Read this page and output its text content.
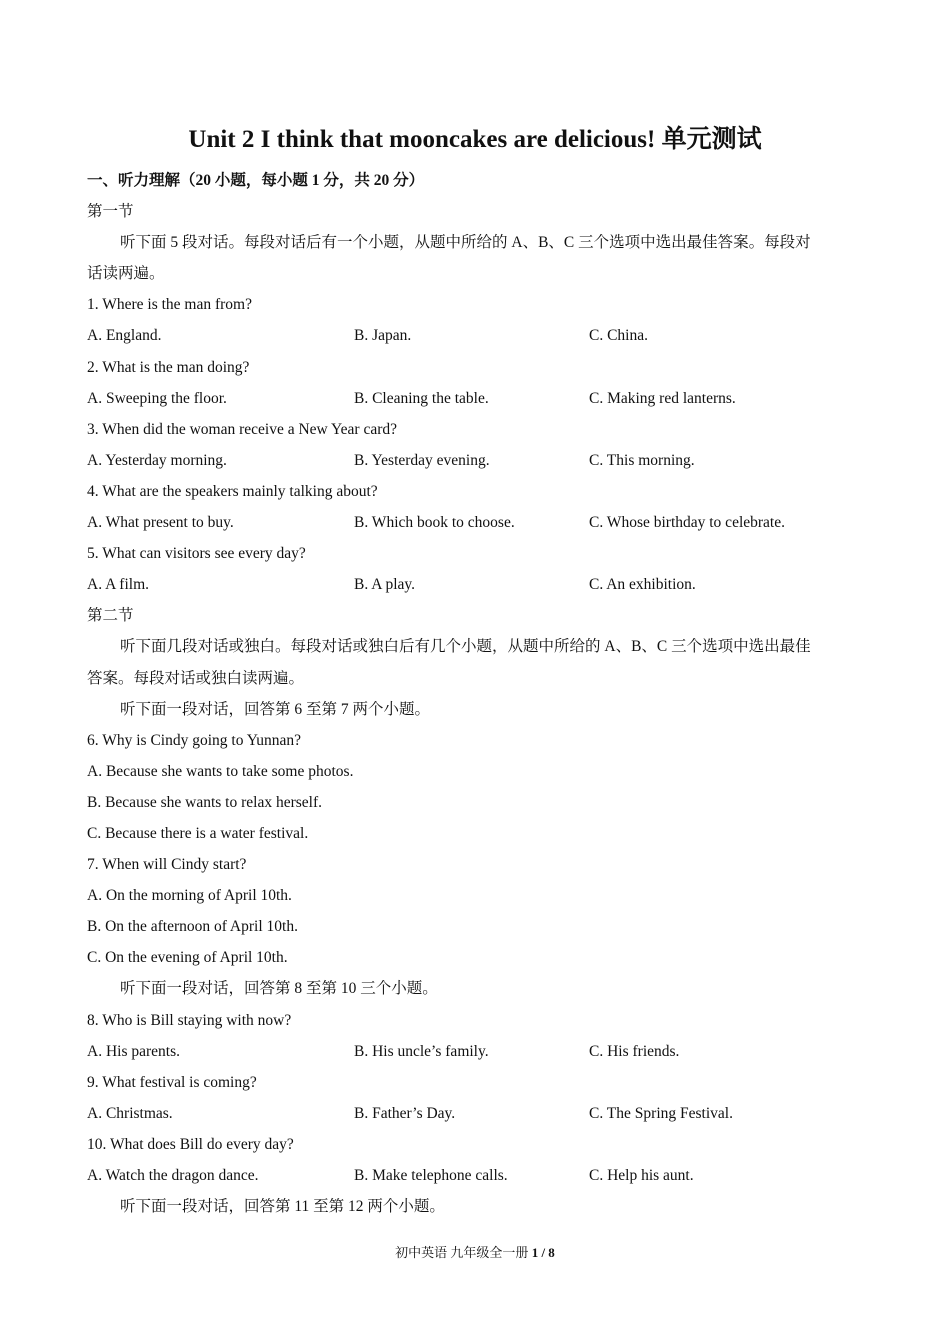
Unit 2 I think that mooncakes are delicious! 单元测试
一、听力理解（20 小题，每小题 1 分，共 20 分）
第一节
听下面 5 段对话。每段对话后有一个小题，从题中所给的 A、B、C 三个选项中选出最佳答案。每段对
话读两遍。
1. Where is the man from?
A. England.	B. Japan.	C. China.
2. What is the man doing?
A. Sweeping the floor.	B. Cleaning the table.	C. Making red lanterns.
3. When did the woman receive a New Year card?
A. Yesterday morning.	B. Yesterday evening.	C. This morning.
4. What are the speakers mainly talking about?
A. What present to buy.	B. Which book to choose.	C. Whose birthday to celebrate.
5. What can visitors see every day?
A. A film.	B. A play.	C. An exhibition.
第二节
听下面几段对话或独白。每段对话或独白后有几个小题，从题中所给的 A、B、C 三个选项中选出最佳
答案。每段对话或独白读两遍。
听下面一段对话，回答第 6 至第 7 两个小题。
6. Why is Cindy going to Yunnan?
A. Because she wants to take some photos.
B. Because she wants to relax herself.
C. Because there is a water festival.
7. When will Cindy start?
A. On the morning of April 10th.
B. On the afternoon of April 10th.
C. On the evening of April 10th.
听下面一段对话，回答第 8 至第 10 三个小题。
8. Who is Bill staying with now?
A. His parents.	B. His uncle’s family.	C. His friends.
9. What festival is coming?
A. Christmas.	B. Father’s Day.	C. The Spring Festival.
10. What does Bill do every day?
A. Watch the dragon dance.	B. Make telephone calls.	C. Help his aunt.
听下面一段对话，回答第 11 至第 12 两个小题。
初中英语 九年级全一册 1 / 8
